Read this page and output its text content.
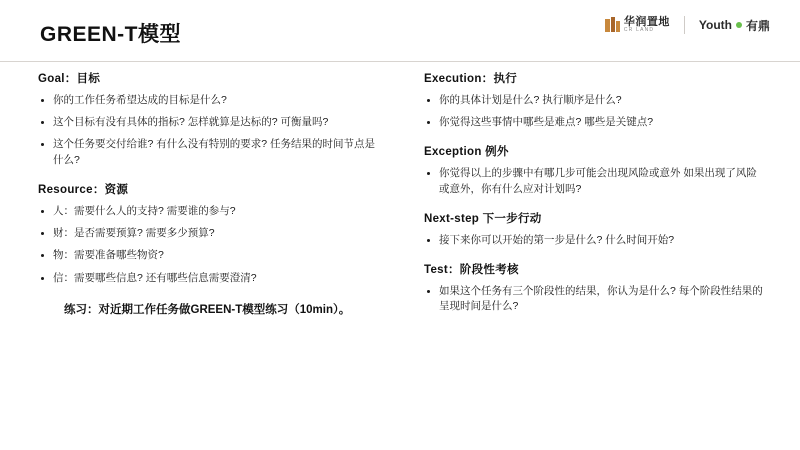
GREEN-T模型
华润置地
CR LAND	Youth 有鼎
Goal：目标
你的工作任务希望达成的目标是什么?
这个目标有没有具体的指标? 怎样就算是达标的? 可衡量吗?
这个任务要交付给谁? 有什么没有特别的要求? 任务结果的时间节点是什么?
Resource：资源
人：需要什么人的支持? 需要谁的参与?
财：是否需要预算? 需要多少预算?
物：需要准备哪些物资?
信：需要哪些信息? 还有哪些信息需要澄清?
练习：对近期工作任务做GREEN-T模型练习（10min）。
Execution：执行
你的具体计划是什么? 执行顺序是什么?
你觉得这些事情中哪些是难点? 哪些是关键点?
Exception 例外
你觉得以上的步骤中有哪几步可能会出现风险或意外 如果出现了风险或意外，你有什么应对计划吗?
Next-step 下一步行动
接下来你可以开始的第一步是什么? 什么时间开始?
Test：阶段性考核
如果这个任务有三个阶段性的结果，你认为是什么? 每个阶段性结果的呈现时间是什么?
